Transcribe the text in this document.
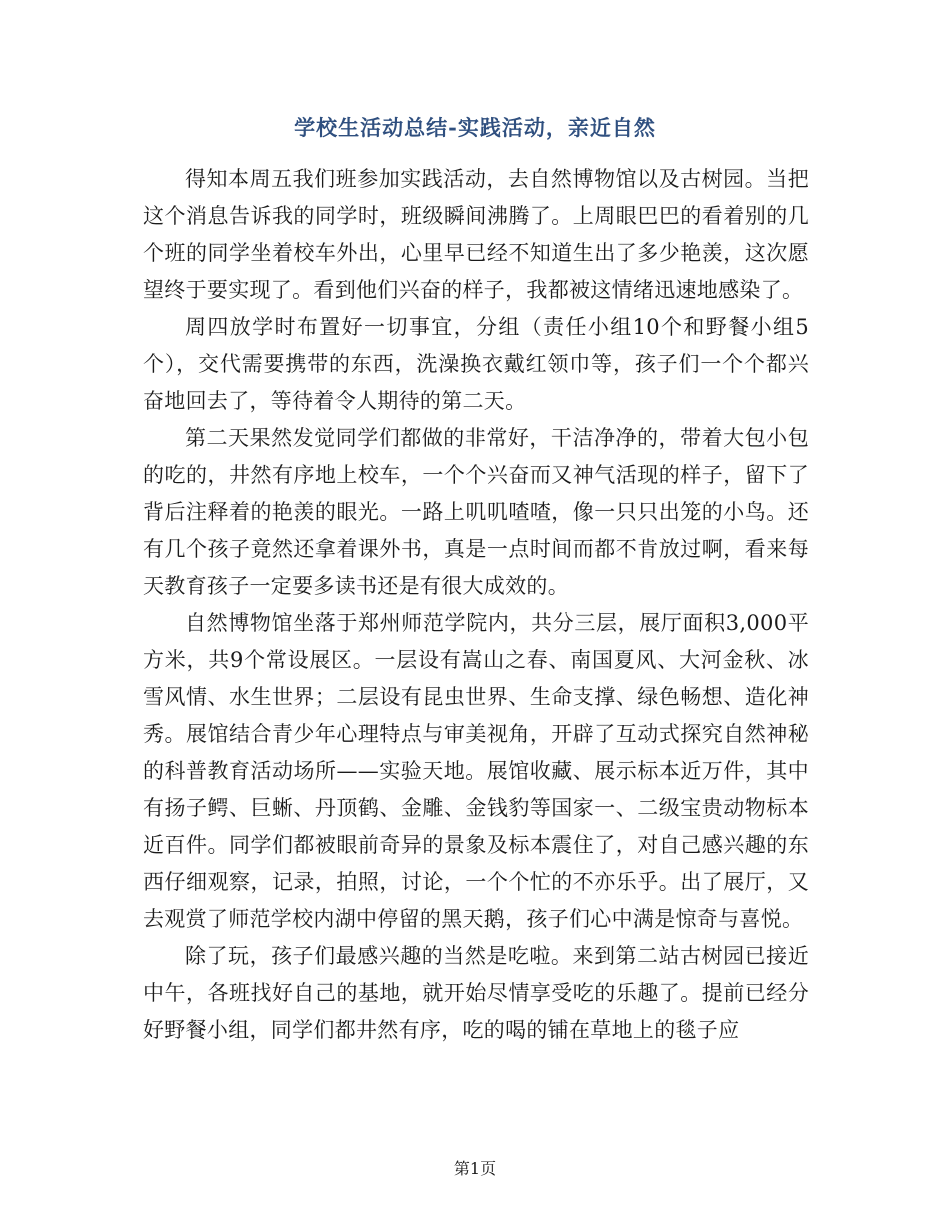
学校生活动总结-实践活动，亲近自然

得知本周五我们班参加实践活动，去自然博物馆以及古树园。当把这个消息告诉我的同学时，班级瞬间沸腾了。上周眼巴巴的看着别的几个班的同学坐着校车外出，心里早已经不知道生出了多少艳羡，这次愿望终于要实现了。看到他们兴奋的样子，我都被这情绪迅速地感染了。

周四放学时布置好一切事宜，分组（责任小组10个和野餐小组5个），交代需要携带的东西，洗澡换衣戴红领巾等，孩子们一个个都兴奋地回去了，等待着令人期待的第二天。

第二天果然发觉同学们都做的非常好，干洁净净的，带着大包小包的吃的，井然有序地上校车，一个个兴奋而又神气活现的样子，留下了背后注释着的艳羡的眼光。一路上叽叽喳喳，像一只只出笼的小鸟。还有几个孩子竟然还拿着课外书，真是一点时间而都不肯放过啊，看来每天教育孩子一定要多读书还是有很大成效的。

自然博物馆坐落于郑州师范学院内，共分三层，展厅面积3,000平方米，共9个常设展区。一层设有嵩山之春、南国夏风、大河金秋、冰雪风情、水生世界；二层设有昆虫世界、生命支撑、绿色畅想、造化神秀。展馆结合青少年心理特点与审美视角，开辟了互动式探究自然神秘的科普教育活动场所——实验天地。展馆收藏、展示标本近万件，其中有扬子鳄、巨蜥、丹顶鹤、金雕、金钱豹等国家一、二级宝贵动物标本近百件。同学们都被眼前奇异的景象及标本震住了，对自己感兴趣的东西仔细观察，记录，拍照，讨论，一个个忙的不亦乐乎。出了展厅，又去观赏了师范学校内湖中停留的黑天鹅，孩子们心中满是惊奇与喜悦。

除了玩，孩子们最感兴趣的当然是吃啦。来到第二站古树园已接近中午，各班找好自己的基地，就开始尽情享受吃的乐趣了。提前已经分好野餐小组，同学们都井然有序，吃的喝的铺在草地上的毯子应

第1页
